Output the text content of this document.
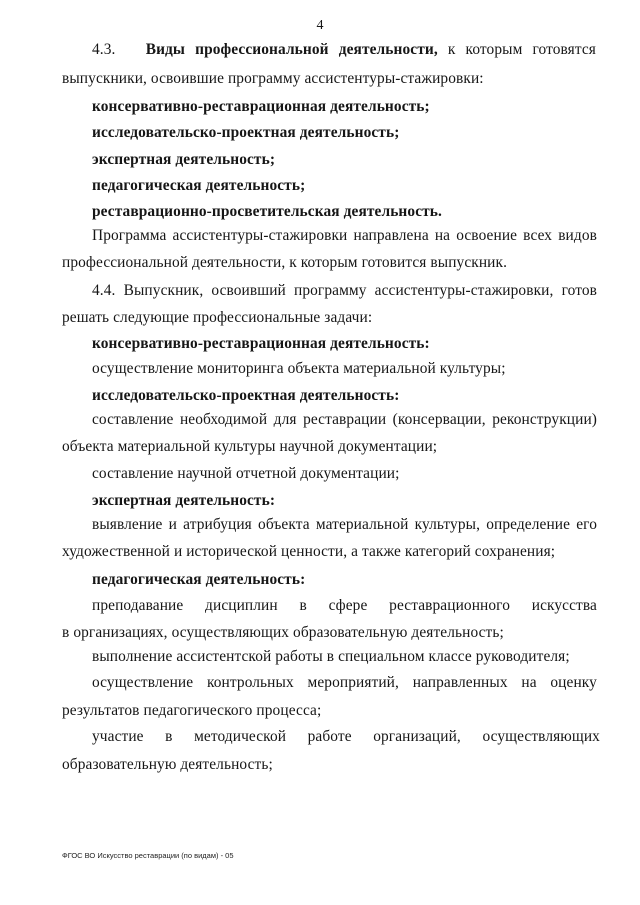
4
4.3. Виды профессиональной деятельности, к которым готовятся
выпускники, освоившие программу ассистентуры-стажировки:
консервативно-реставрационная деятельность;
исследовательско-проектная деятельность;
экспертная деятельность;
педагогическая деятельность;
реставрационно-просветительская деятельность.
Программа ассистентуры-стажировки направлена на освоение всех видов
профессиональной деятельности, к которым готовится выпускник.
4.4. Выпускник, освоивший программу ассистентуры-стажировки, готов
решать следующие профессиональные задачи:
консервативно-реставрационная деятельность:
осуществление мониторинга объекта материальной культуры;
исследовательско-проектная деятельность:
составление необходимой для реставрации (консервации, реконструкции)
объекта материальной культуры научной документации;
составление научной отчетной документации;
экспертная деятельность:
выявление и атрибуция объекта материальной культуры, определение его
художественной и исторической ценности, а также категорий сохранения;
педагогическая деятельность:
преподавание дисциплин в сфере реставрационного искусства
в организациях, осуществляющих образовательную деятельность;
выполнение ассистентской работы в специальном классе руководителя;
осуществление контрольных мероприятий, направленных на оценку
результатов педагогического процесса;
участие в методической работе организаций, осуществляющих
образовательную деятельность;
ФГОС ВО Искусство реставрации (по видам) - 05
